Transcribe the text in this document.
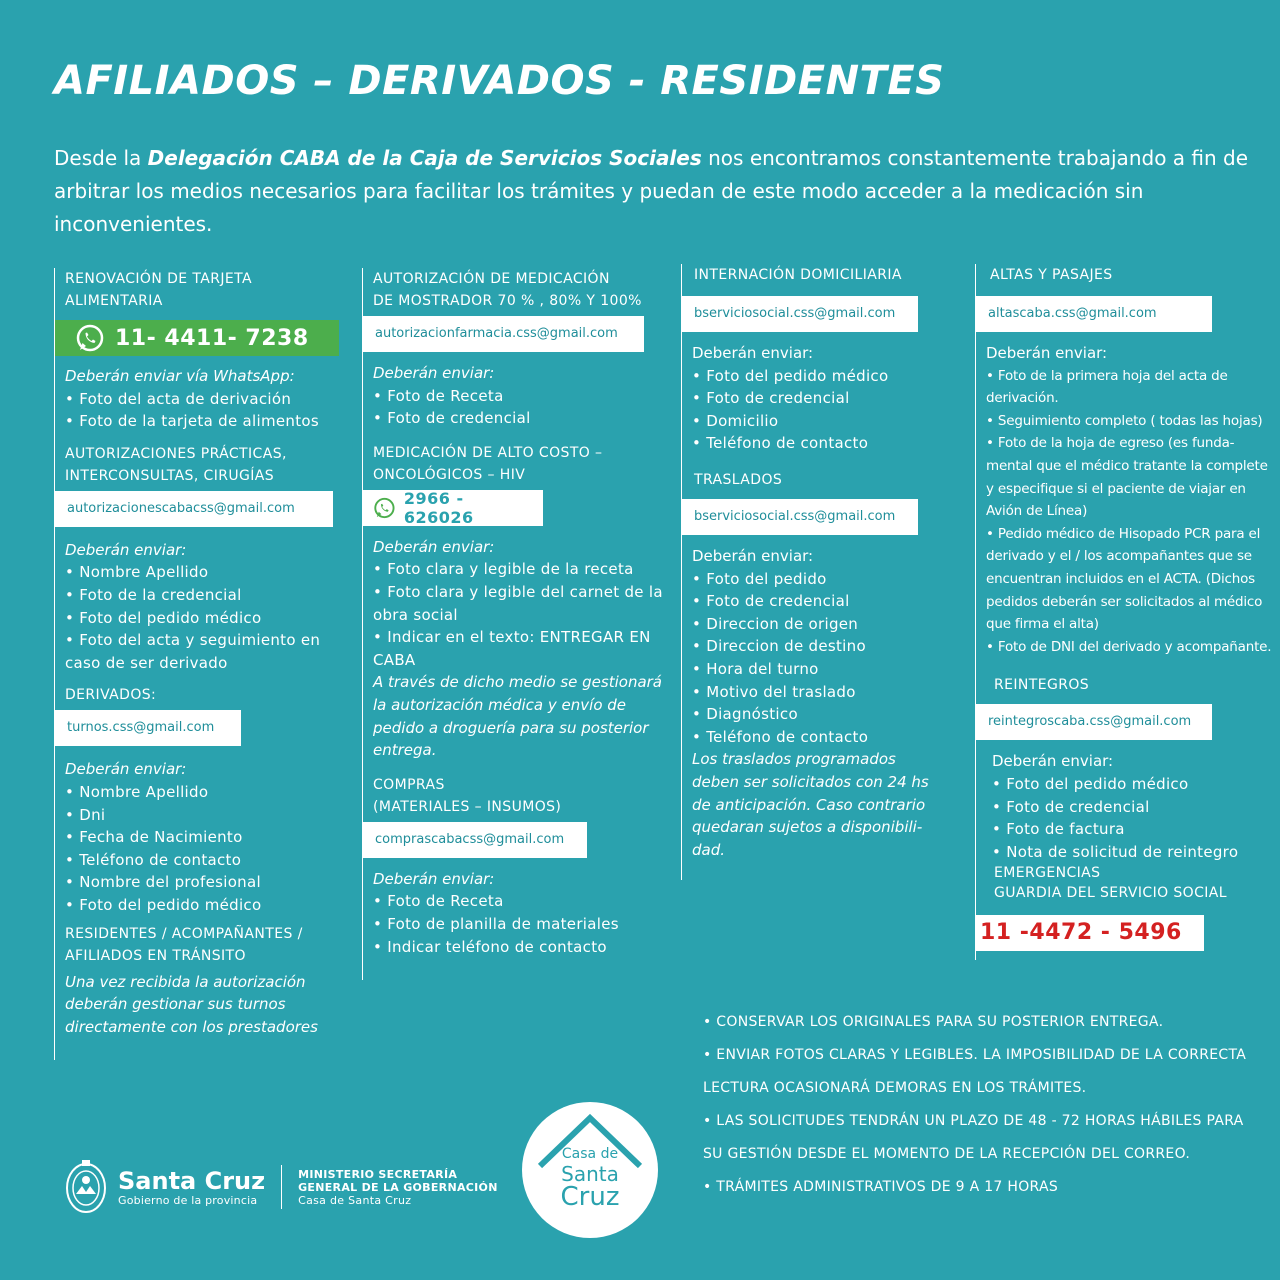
AFILIADOS – DERIVADOS - RESIDENTES
Desde la Delegación CABA de la Caja de Servicios Sociales nos encontramos constantemente trabajando a fin de arbitrar los medios necesarios para facilitar los trámites y puedan de este modo acceder a la medicación sin inconvenientes.
RENOVACIÓN DE TARJETA
ALIMENTARIA
11- 4411- 7238
Deberán enviar vía WhatsApp:
• Foto del acta de derivación
• Foto de la tarjeta de alimentos
AUTORIZACIONES PRÁCTICAS,
INTERCONSULTAS, CIRUGÍAS
autorizacionescabacss@gmail.com
Deberán enviar:
• Nombre Apellido
• Foto de la credencial
• Foto del pedido médico
• Foto del acta y seguimiento en caso de ser derivado
DERIVADOS:
turnos.css@gmail.com
Deberán enviar:
• Nombre Apellido
• Dni
• Fecha de Nacimiento
• Teléfono de contacto
• Nombre del profesional
• Foto del pedido médico
RESIDENTES / ACOMPAÑANTES /
AFILIADOS EN TRÁNSITO
Una vez recibida la autorización deberán gestionar sus turnos directamente con los prestadores
AUTORIZACIÓN DE MEDICACIÓN
DE MOSTRADOR 70 % , 80% Y 100%
autorizacionfarmacia.css@gmail.com
Deberán enviar:
• Foto de Receta
• Foto de credencial
MEDICACIÓN DE ALTO COSTO –
ONCOLÓGICOS – HIV
2966 - 626026
Deberán enviar:
• Foto clara y legible de la receta
• Foto clara y legible del carnet de la obra social
• Indicar en el texto: ENTREGAR EN CABA
A través de dicho medio se gestionará la autorización médica y envío de pedido a droguería para su posterior entrega.
COMPRAS
(MATERIALES – INSUMOS)
comprascabacss@gmail.com
Deberán enviar:
• Foto de Receta
• Foto de planilla de materiales
• Indicar teléfono de contacto
INTERNACIÓN DOMICILIARIA
bserviciosocial.css@gmail.com
Deberán enviar:
• Foto del pedido médico
• Foto de credencial
• Domicilio
• Teléfono de contacto
TRASLADOS
bserviciosocial.css@gmail.com
Deberán enviar:
• Foto del pedido
• Foto de credencial
• Direccion de origen
• Direccion de destino
• Hora del turno
• Motivo del traslado
• Diagnóstico
• Teléfono de contacto
Los traslados programados deben ser solicitados con 24 hs de anticipación. Caso contrario quedaran sujetos a disponibili-dad.
ALTAS Y PASAJES
altascaba.css@gmail.com
Deberán enviar:
• Foto de la primera hoja del acta de derivación.
• Seguimiento completo ( todas las hojas)
• Foto de la hoja de egreso (es funda-mental que el médico tratante la complete y especifique si el paciente de viajar en Avión de Línea)
• Pedido médico de Hisopado PCR para el derivado y el / los acompañantes que se encuentran incluidos en el ACTA. (Dichos pedidos deberán ser solicitados al médico que firma el alta)
• Foto de DNI del derivado y acompañante.
REINTEGROS
reintegroscaba.css@gmail.com
Deberán enviar:
• Foto del pedido médico
• Foto de credencial
• Foto de factura
• Nota de solicitud de reintegro
EMERGENCIAS
GUARDIA DEL SERVICIO SOCIAL
11 -4472 - 5496
• CONSERVAR LOS ORIGINALES PARA SU POSTERIOR ENTREGA.
• ENVIAR FOTOS CLARAS Y LEGIBLES. LA IMPOSIBILIDAD DE LA CORRECTA LECTURA OCASIONARÁ DEMORAS EN LOS TRÁMITES.
• LAS SOLICITUDES TENDRÁN UN PLAZO DE 48 - 72 HORAS HÁBILES PARA SU GESTIÓN DESDE EL MOMENTO DE LA RECEPCIÓN DEL CORREO.
• TRÁMITES ADMINISTRATIVOS DE 9 A 17 HORAS
Santa Cruz
Gobierno de la provincia
MINISTERIO SECRETARÍA
GENERAL DE LA GOBERNACIÓN
Casa de Santa Cruz
Casa de
Santa
Cruz
